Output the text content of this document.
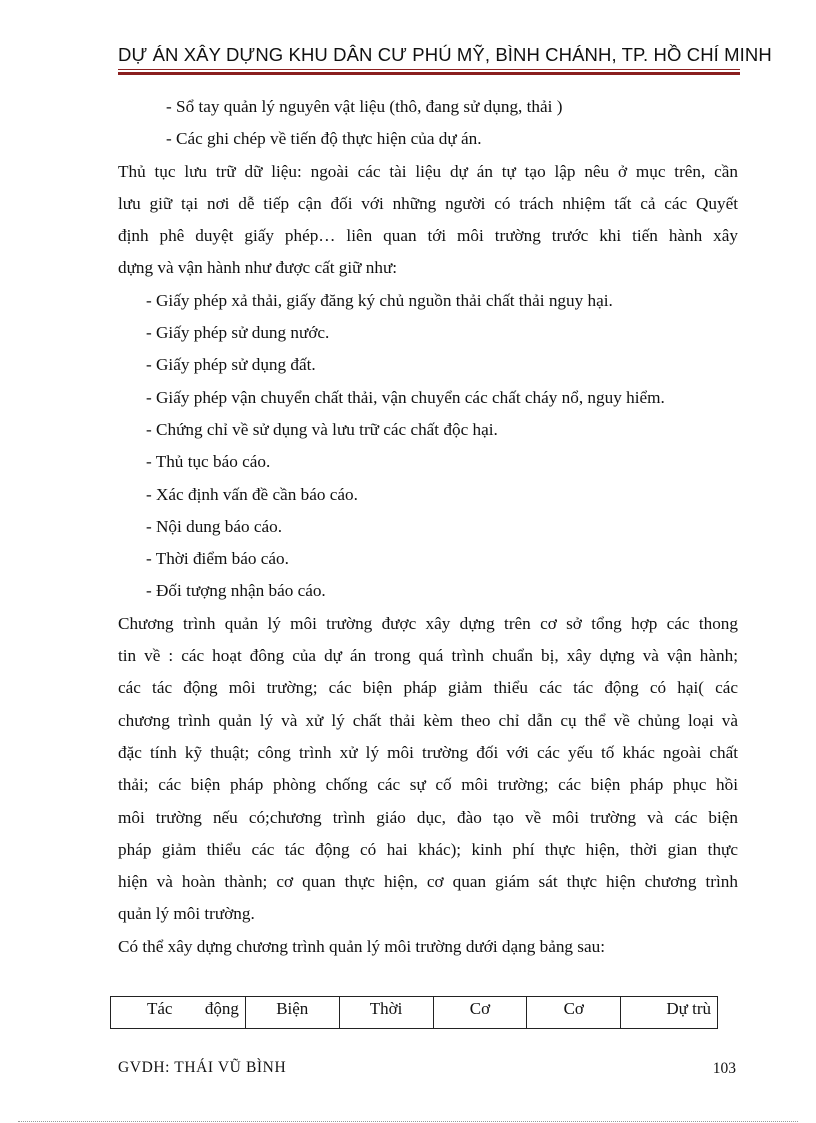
DỰ ÁN XÂY DỰNG KHU DÂN CƯ PHÚ MỸ, BÌNH CHÁNH, TP. HỒ CHÍ MINH
- Sổ tay quản lý nguyên vật liệu (thô, đang sử dụng, thải )
- Các ghi chép về tiến độ thực hiện của dự án.
Thủ tục lưu trữ dữ liệu: ngoài các tài liệu dự án tự tạo lập nêu ở mục trên, cần
lưu giữ tại nơi dễ tiếp cận đối với những người có trách nhiệm tất cả các Quyết
định phê duyệt giấy phép… liên quan tới môi trường trước khi tiến hành xây
dựng và vận hành như được cất giữ như:
- Giấy phép xả thải, giấy đăng ký chủ nguồn thải chất thải nguy hại.
- Giấy phép sử dung nước.
- Giấy phép sử dụng đất.
- Giấy phép vận chuyển chất thải, vận chuyển các chất cháy nổ, nguy hiểm.
- Chứng chỉ về sử dụng và lưu trữ các chất độc hại.
- Thủ tục báo cáo.
- Xác định vấn đề cần báo cáo.
- Nội dung báo cáo.
- Thời điểm báo cáo.
- Đối tượng nhận báo cáo.
Chương trình quản lý môi trường được xây dựng trên cơ sở tổng hợp các thong
tin về : các hoạt đông của dự án trong quá trình chuẩn bị, xây dựng và vận hành;
các tác động môi trường; các biện pháp giảm thiểu các tác động có hại( các
chương trình quản lý và xử lý chất thải kèm theo chỉ dẫn cụ thể về chủng loại và
đặc tính kỹ thuật; công trình xử lý môi trường đối với các yếu tố khác ngoài chất
thải; các biện pháp phòng chống các sự cố môi trường; các biện pháp phục hồi
môi trường nếu có;chương trình giáo dục, đào tạo về môi trường và các biện
pháp giảm thiểu các tác động có hai khác); kinh phí thực hiện, thời gian thực
hiện và hoàn thành; cơ quan thực hiện, cơ quan giám sát thực hiện chương trình
quản lý môi trường.
Có thể xây dựng chương trình quản lý môi trường dưới dạng bảng sau:
Tác động	Biện	Thời	Cơ	Cơ	Dự trù
GVDH: THÁI VŨ BÌNH	103
